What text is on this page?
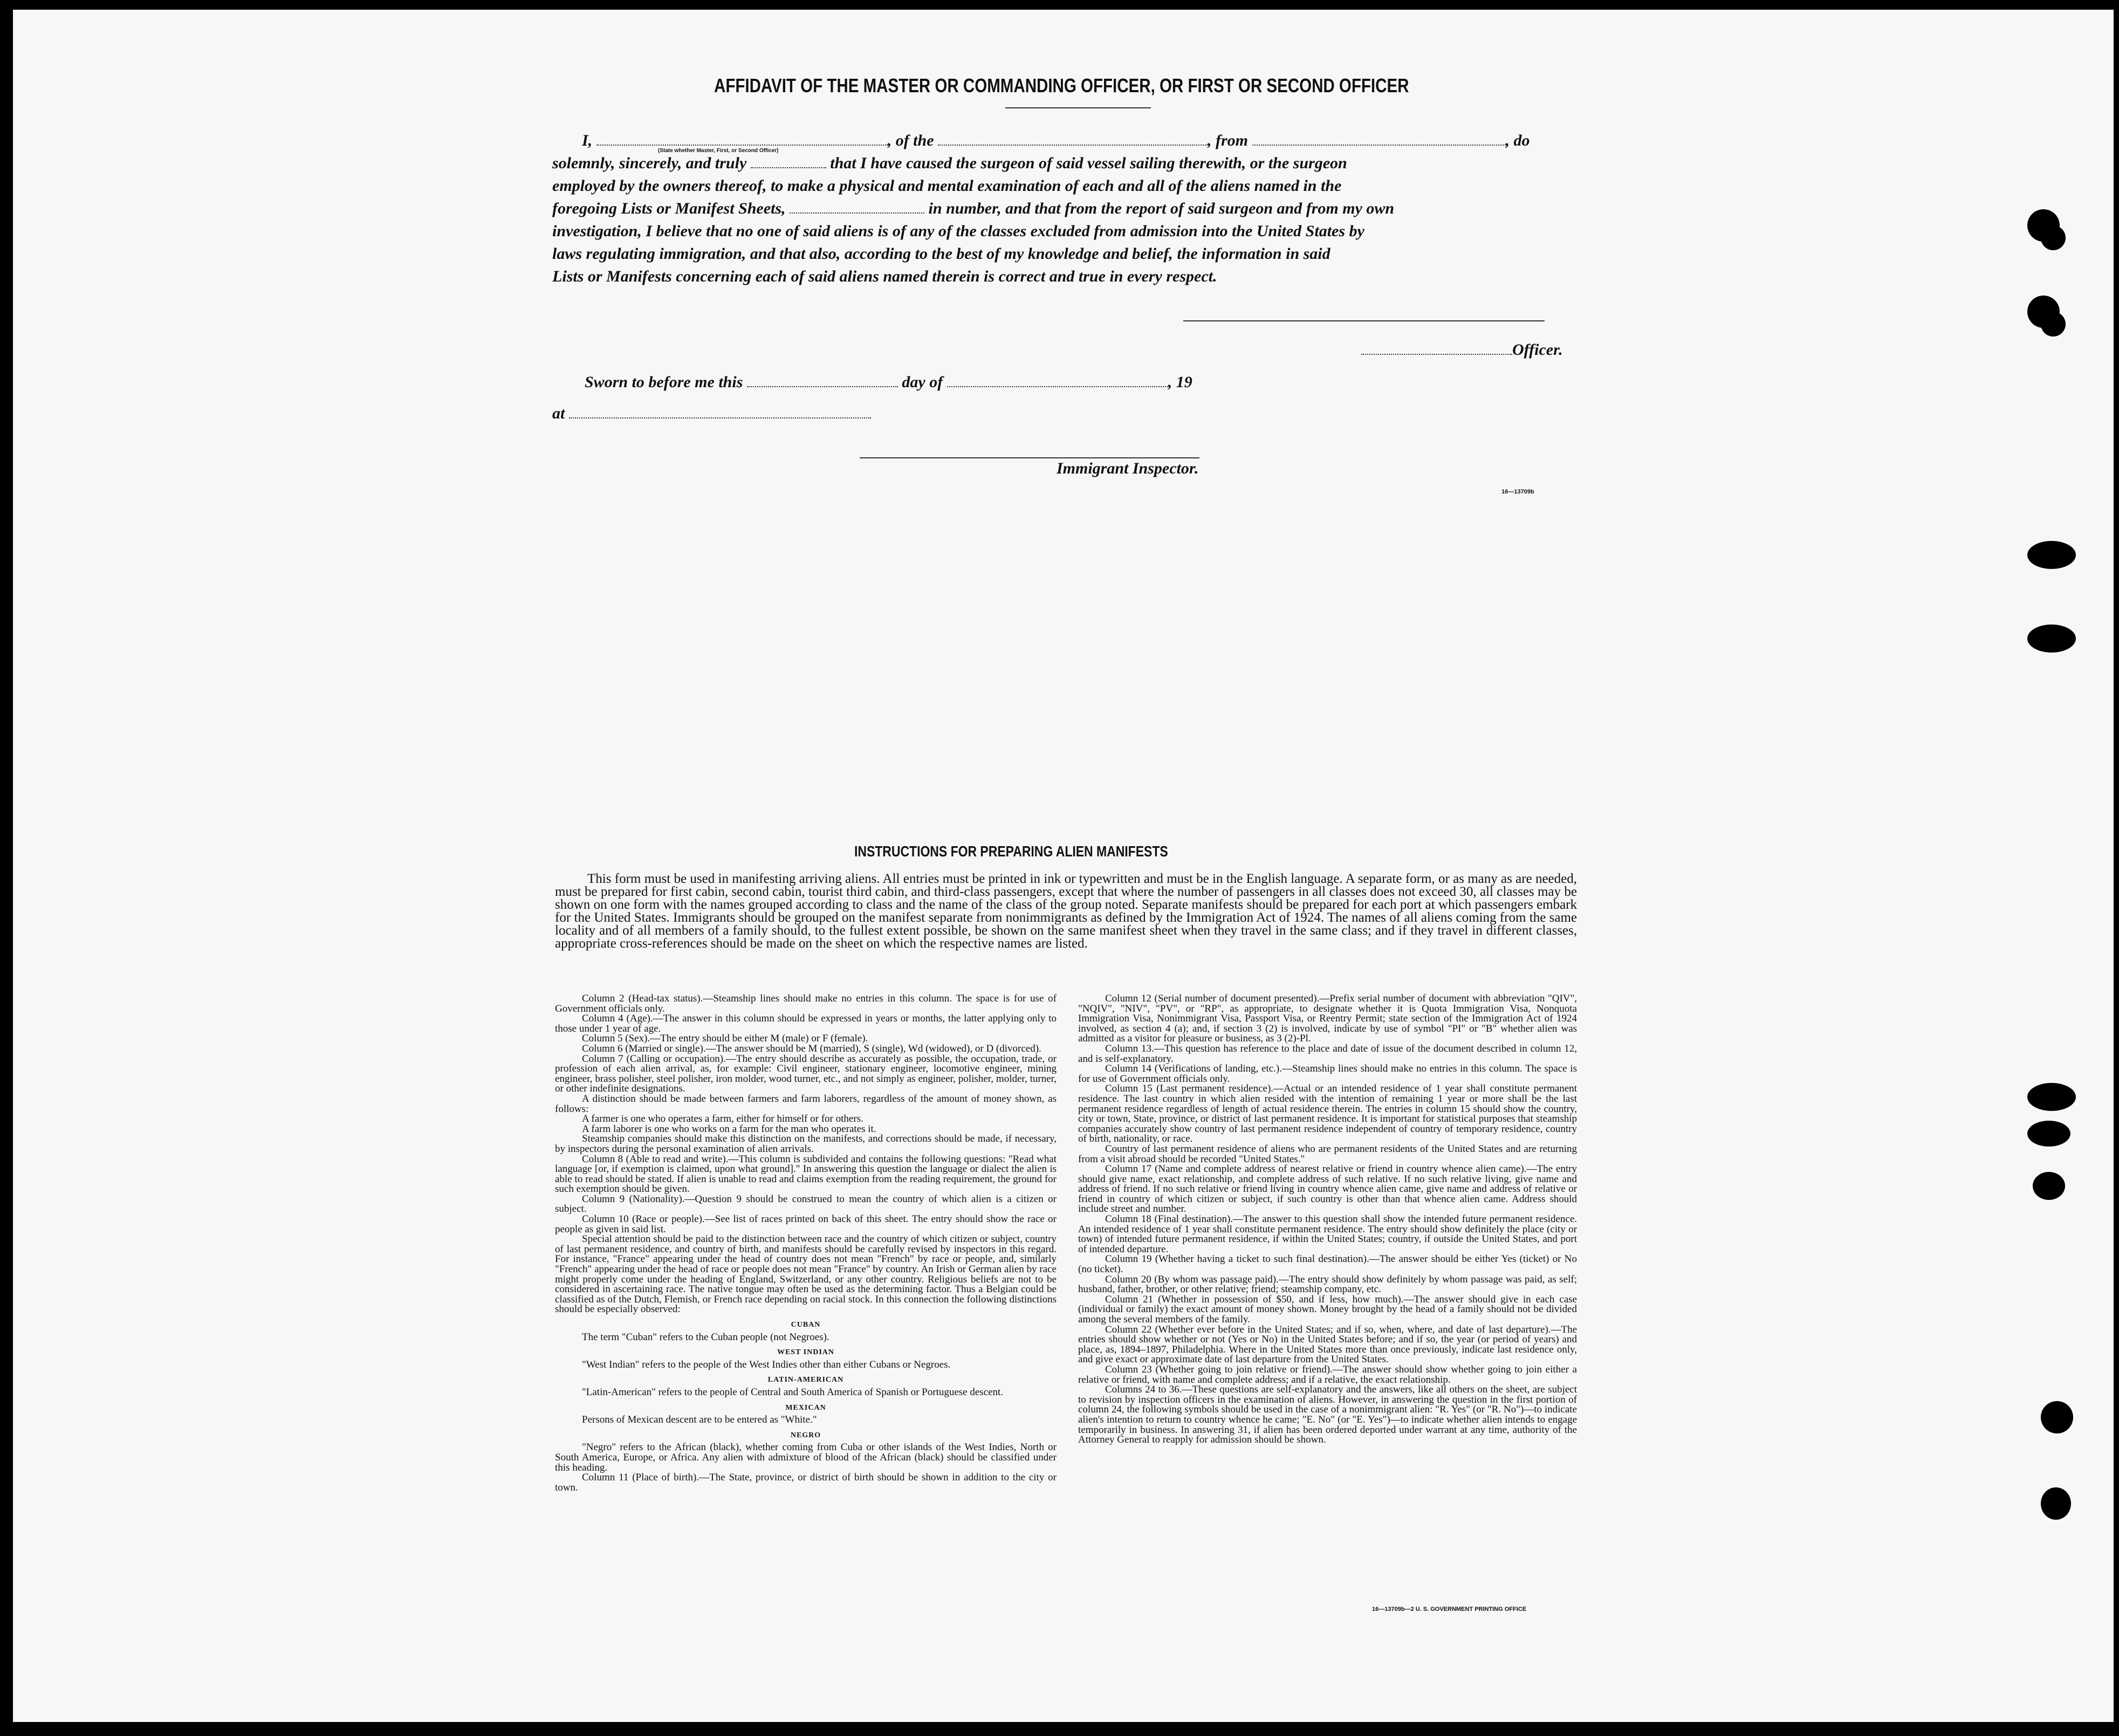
AFFIDAVIT OF THE MASTER OR COMMANDING OFFICER, OR FIRST OR SECOND OFFICER
I,	, of the	, from	, do
(State whether Master, First, or Second Officer)
solemnly, sincerely, and truly	that I have caused the surgeon of said vessel sailing therewith, or the surgeon
employed by the owners thereof, to make a physical and mental examination of each and all of the aliens named in the
foregoing Lists or Manifest Sheets,	in number, and that from the report of said surgeon and from my own
investigation, I believe that no one of said aliens is of any of the classes excluded from admission into the United States by
laws regulating immigration, and that also, according to the best of my knowledge and belief, the information in said
Lists or Manifests concerning each of said aliens named therein is correct and true in every respect.
Officer.
Sworn to before me this	day of	, 19
at
Immigrant Inspector.
16—13709b
INSTRUCTIONS FOR PREPARING ALIEN MANIFESTS
This form must be used in manifesting arriving aliens. All entries must be printed in ink or typewritten and must be in the English language. A separate form, or as many as are needed, must be prepared for first cabin, second cabin, tourist third cabin, and third-class passengers, except that where the number of passengers in all classes does not exceed 30, all classes may be shown on one form with the names grouped according to class and the name of the class of the group noted. Separate manifests should be prepared for each port at which passengers embark for the United States. Immigrants should be grouped on the manifest separate from nonimmigrants as defined by the Immigration Act of 1924. The names of all aliens coming from the same locality and of all members of a family should, to the fullest extent possible, be shown on the same manifest sheet when they travel in the same class; and if they travel in different classes, appropriate cross-references should be made on the sheet on which the respective names are listed.

Column 2 (Head-tax status).—Steamship lines should make no entries in this column. The space is for use of Government officials only.

Column 4 (Age).—The answer in this column should be expressed in years or months, the latter applying only to those under 1 year of age.

Column 5 (Sex).—The entry should be either M (male) or F (female).

Column 6 (Married or single).—The answer should be M (married), S (single), Wd (widowed), or D (divorced).

Column 7 (Calling or occupation).—The entry should describe as accurately as possible, the occupation, trade, or profession of each alien arrival, as, for example: Civil engineer, stationary engineer, locomotive engineer, mining engineer, brass polisher, steel polisher, iron molder, wood turner, etc., and not simply as engineer, polisher, molder, turner, or other indefinite designations.

A distinction should be made between farmers and farm laborers, regardless of the amount of money shown, as follows:

A farmer is one who operates a farm, either for himself or for others.

A farm laborer is one who works on a farm for the man who operates it.

Steamship companies should make this distinction on the manifests, and corrections should be made, if necessary, by inspectors during the personal examination of alien arrivals.

Column 8 (Able to read and write).—This column is subdivided and contains the following questions: "Read what language [or, if exemption is claimed, upon what ground]." In answering this question the language or dialect the alien is able to read should be stated. If alien is unable to read and claims exemption from the reading requirement, the ground for such exemption should be given.

Column 9 (Nationality).—Question 9 should be construed to mean the country of which alien is a citizen or subject.

Column 10 (Race or people).—See list of races printed on back of this sheet. The entry should show the race or people as given in said list.

Special attention should be paid to the distinction between race and the country of which citizen or subject, country of last permanent residence, and country of birth, and manifests should be carefully revised by inspectors in this regard. For instance, "France" appearing under the head of country does not mean "French" by race or people, and, similarly "French" appearing under the head of race or people does not mean "France" by country. An Irish or German alien by race might properly come under the heading of England, Switzerland, or any other country. Religious beliefs are not to be considered in ascertaining race. The native tongue may often be used as the determining factor. Thus a Belgian could be classified as of the Dutch, Flemish, or French race depending on racial stock. In this connection the following distinctions should be especially observed:

CUBAN

The term "Cuban" refers to the Cuban people (not Negroes).

WEST INDIAN

"West Indian" refers to the people of the West Indies other than either Cubans or Negroes.

LATIN-AMERICAN

"Latin-American" refers to the people of Central and South America of Spanish or Portuguese descent.

MEXICAN

Persons of Mexican descent are to be entered as "White."

NEGRO

"Negro" refers to the African (black), whether coming from Cuba or other islands of the West Indies, North or South America, Europe, or Africa. Any alien with admixture of blood of the African (black) should be classified under this heading.

Column 11 (Place of birth).—The State, province, or district of birth should be shown in addition to the city or town.

Column 12 (Serial number of document presented).—Prefix serial number of document with abbreviation "QIV", "NQIV", "NIV", "PV", or "RP", as appropriate, to designate whether it is Quota Immigration Visa, Nonquota Immigration Visa, Nonimmigrant Visa, Passport Visa, or Reentry Permit; state section of the Immigration Act of 1924 involved, as section 4 (a); and, if section 3 (2) is involved, indicate by use of symbol "PI" or "B" whether alien was admitted as a visitor for pleasure or business, as 3 (2)-Pl.

Column 13.—This question has reference to the place and date of issue of the document described in column 12, and is self-explanatory.

Column 14 (Verifications of landing, etc.).—Steamship lines should make no entries in this column. The space is for use of Government officials only.

Column 15 (Last permanent residence).—Actual or an intended residence of 1 year shall constitute permanent residence. The last country in which alien resided with the intention of remaining 1 year or more shall be the last permanent residence regardless of length of actual residence therein. The entries in column 15 should show the country, city or town, State, province, or district of last permanent residence. It is important for statistical purposes that steamship companies accurately show country of last permanent residence independent of country of temporary residence, country of birth, nationality, or race.

Country of last permanent residence of aliens who are permanent residents of the United States and are returning from a visit abroad should be recorded "United States."

Column 17 (Name and complete address of nearest relative or friend in country whence alien came).—The entry should give name, exact relationship, and complete address of such relative. If no such relative living, give name and address of friend. If no such relative or friend living in country whence alien came, give name and address of relative or friend in country of which citizen or subject, if such country is other than that whence alien came. Address should include street and number.

Column 18 (Final destination).—The answer to this question shall show the intended future permanent residence. An intended residence of 1 year shall constitute permanent residence. The entry should show definitely the place (city or town) of intended future permanent residence, if within the United States; country, if outside the United States, and port of intended departure.

Column 19 (Whether having a ticket to such final destination).—The answer should be either Yes (ticket) or No (no ticket).

Column 20 (By whom was passage paid).—The entry should show definitely by whom passage was paid, as self; husband, father, brother, or other relative; friend; steamship company, etc.

Column 21 (Whether in possession of $50, and if less, how much).—The answer should give in each case (individual or family) the exact amount of money shown. Money brought by the head of a family should not be divided among the several members of the family.

Column 22 (Whether ever before in the United States; and if so, when, where, and date of last departure).—The entries should show whether or not (Yes or No) in the United States before; and if so, the year (or period of years) and place, as, 1894–1897, Philadelphia. Where in the United States more than once previously, indicate last residence only, and give exact or approximate date of last departure from the United States.

Column 23 (Whether going to join relative or friend).—The answer should show whether going to join either a relative or friend, with name and complete address; and if a relative, the exact relationship.

Columns 24 to 36.—These questions are self-explanatory and the answers, like all others on the sheet, are subject to revision by inspection officers in the examination of aliens. However, in answering the question in the first portion of column 24, the following symbols should be used in the case of a nonimmigrant alien: "R. Yes" (or "R. No")—to indicate alien's intention to return to country whence he came; "E. No" (or "E. Yes")—to indicate whether alien intends to engage temporarily in business. In answering 31, if alien has been ordered deported under warrant at any time, authority of the Attorney General to reapply for admission should be shown.

16—13709b—2 U. S. GOVERNMENT PRINTING OFFICE
